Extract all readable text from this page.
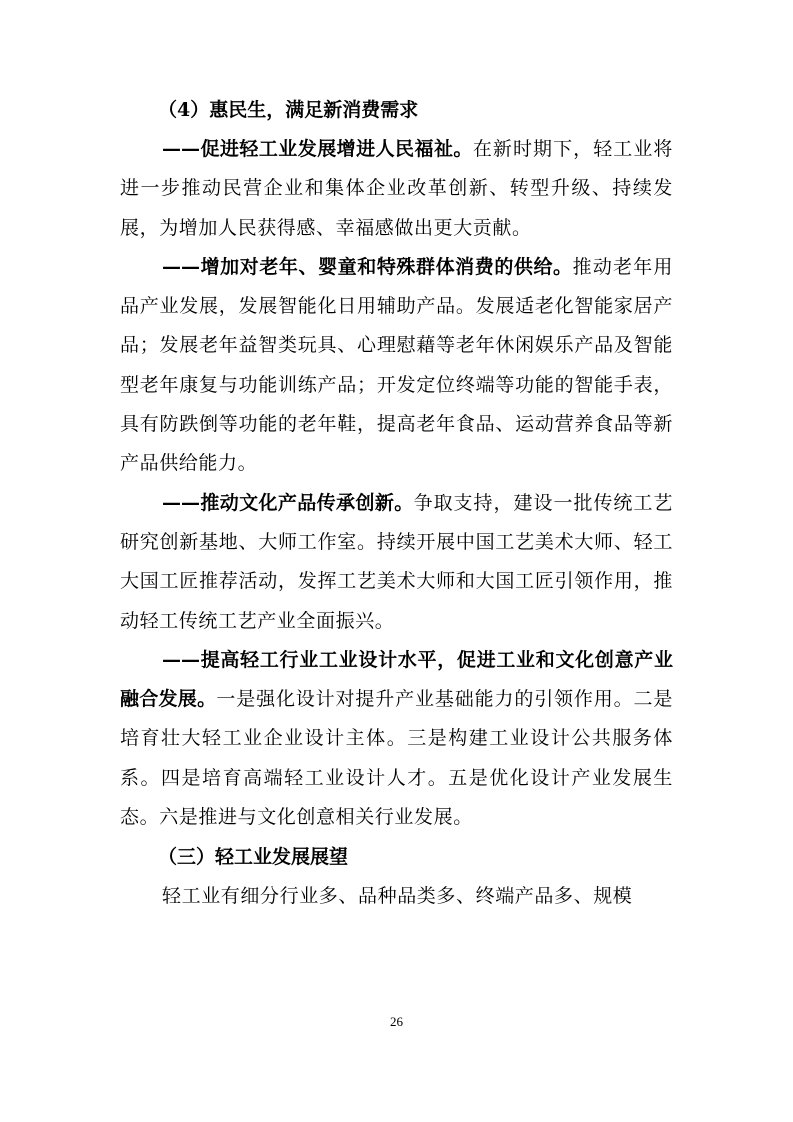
（4）惠民生，满足新消费需求

——促进轻工业发展增进人民福祉。在新时期下，轻工业将进一步推动民营企业和集体企业改革创新、转型升级、持续发展，为增加人民获得感、幸福感做出更大贡献。

——增加对老年、婴童和特殊群体消费的供给。推动老年用品产业发展，发展智能化日用辅助产品。发展适老化智能家居产品；发展老年益智类玩具、心理慰藉等老年休闲娱乐产品及智能型老年康复与功能训练产品；开发定位终端等功能的智能手表，具有防跌倒等功能的老年鞋，提高老年食品、运动营养食品等新产品供给能力。

——推动文化产品传承创新。争取支持，建设一批传统工艺研究创新基地、大师工作室。持续开展中国工艺美术大师、轻工大国工匠推荐活动，发挥工艺美术大师和大国工匠引领作用，推动轻工传统工艺产业全面振兴。

——提高轻工行业工业设计水平，促进工业和文化创意产业融合发展。一是强化设计对提升产业基础能力的引领作用。二是培育壮大轻工业企业设计主体。三是构建工业设计公共服务体系。四是培育高端轻工业设计人才。五是优化设计产业发展生态。六是推进与文化创意相关行业发展。

（三）轻工业发展展望

轻工业有细分行业多、品种品类多、终端产品多、规模

26
